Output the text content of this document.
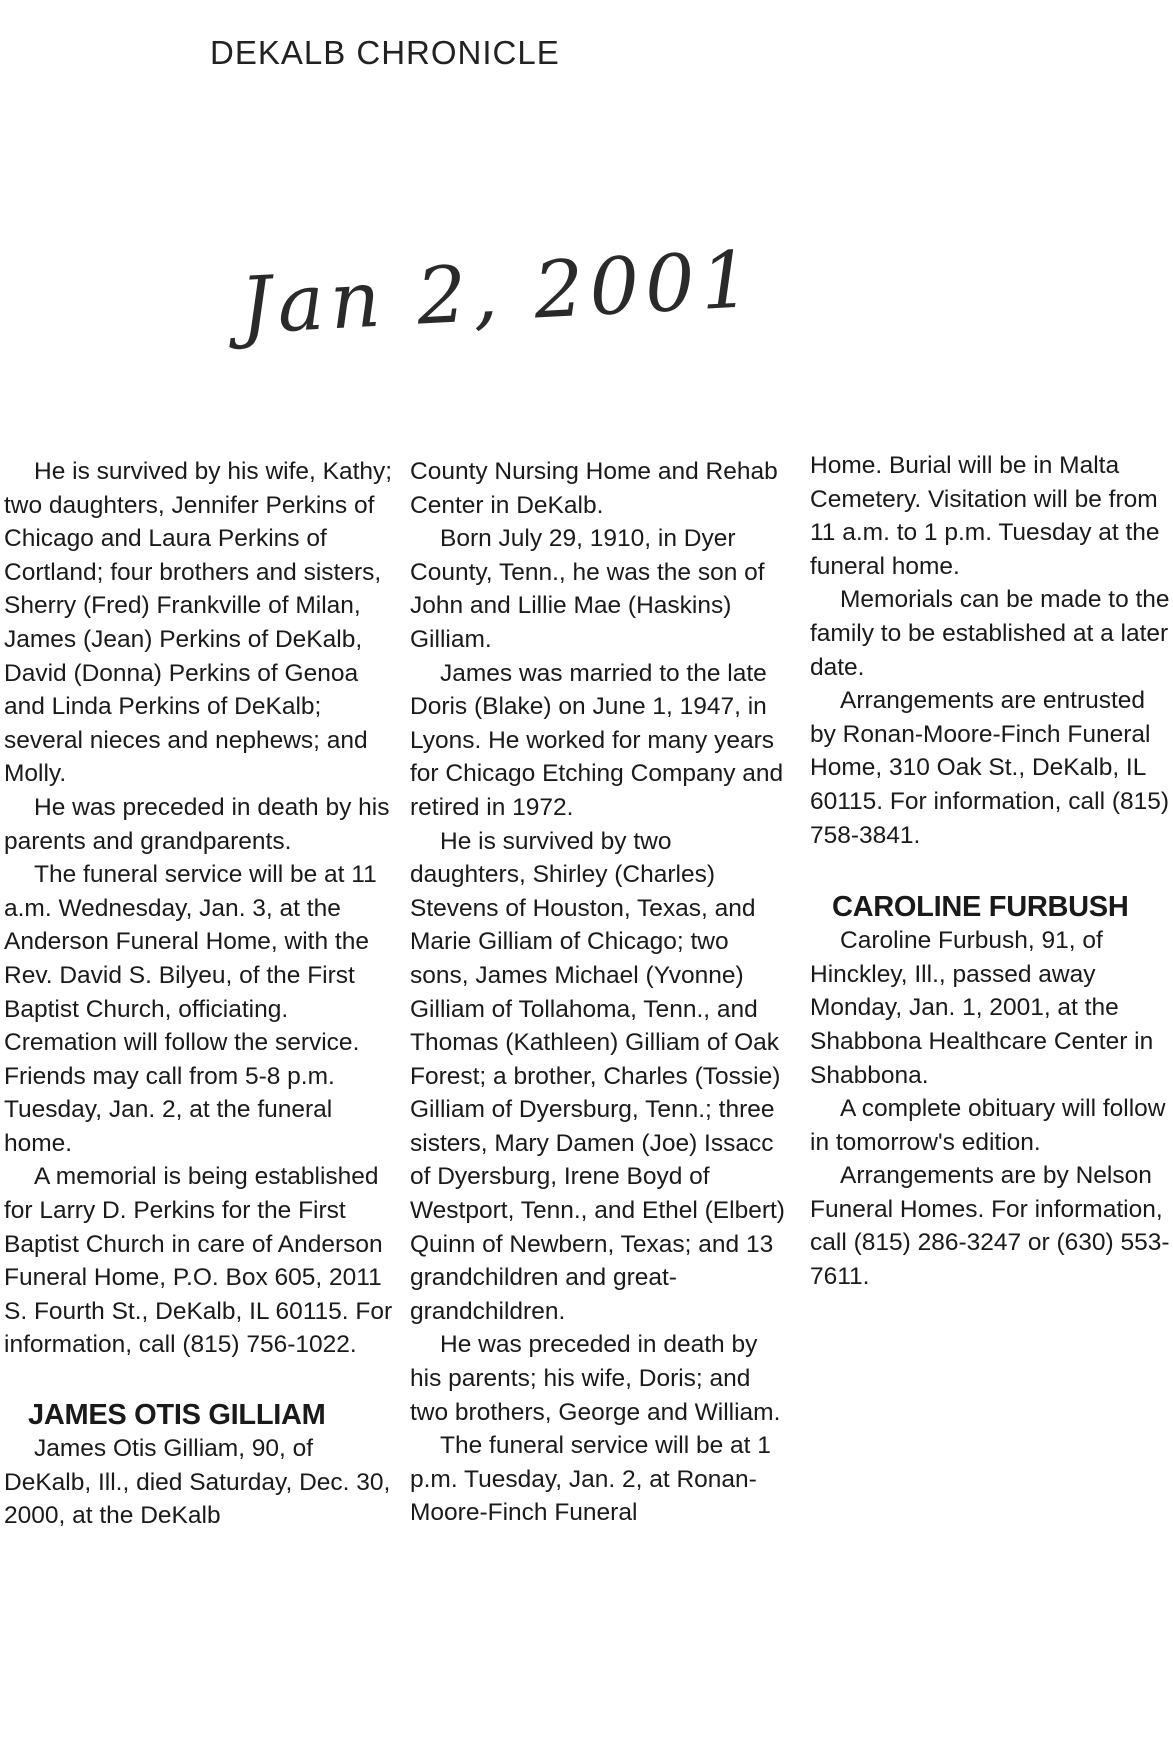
DEKALB CHRONICLE
Jan 2, 2001

He is survived by his wife, Kathy; two daughters, Jennifer Perkins of Chicago and Laura Perkins of Cortland; four brothers and sisters, Sherry (Fred) Frankville of Milan, James (Jean) Perkins of DeKalb, David (Donna) Perkins of Genoa and Linda Perkins of DeKalb; several nieces and nephews; and Molly.

He was preceded in death by his parents and grandparents.

The funeral service will be at 11 a.m. Wednesday, Jan. 3, at the Anderson Funeral Home, with the Rev. David S. Bilyeu, of the First Baptist Church, officiating. Cremation will follow the service. Friends may call from 5-8 p.m. Tuesday, Jan. 2, at the funeral home.

A memorial is being established for Larry D. Perkins for the First Baptist Church in care of Anderson Funeral Home, P.O. Box 605, 2011 S. Fourth St., DeKalb, IL 60115. For information, call (815) 756-1022.

JAMES OTIS GILLIAM

James Otis Gilliam, 90, of DeKalb, Ill., died Saturday, Dec. 30, 2000, at the DeKalb

County Nursing Home and Rehab Center in DeKalb.

Born July 29, 1910, in Dyer County, Tenn., he was the son of John and Lillie Mae (Haskins) Gilliam.

James was married to the late Doris (Blake) on June 1, 1947, in Lyons. He worked for many years for Chicago Etching Company and retired in 1972.

He is survived by two daughters, Shirley (Charles) Stevens of Houston, Texas, and Marie Gilliam of Chicago; two sons, James Michael (Yvonne) Gilliam of Tollahoma, Tenn., and Thomas (Kathleen) Gilliam of Oak Forest; a brother, Charles (Tossie) Gilliam of Dyersburg, Tenn.; three sisters, Mary Damen (Joe) Issacc of Dyersburg, Irene Boyd of Westport, Tenn., and Ethel (Elbert) Quinn of Newbern, Texas; and 13 grandchildren and great-grandchildren.

He was preceded in death by his parents; his wife, Doris; and two brothers, George and William.

The funeral service will be at 1 p.m. Tuesday, Jan. 2, at Ronan-Moore-Finch Funeral

Home. Burial will be in Malta Cemetery. Visitation will be from 11 a.m. to 1 p.m. Tuesday at the funeral home.

Memorials can be made to the family to be established at a later date.

Arrangements are entrusted by Ronan-Moore-Finch Funeral Home, 310 Oak St., DeKalb, IL 60115. For information, call (815) 758-3841.

CAROLINE FURBUSH

Caroline Furbush, 91, of Hinckley, Ill., passed away Monday, Jan. 1, 2001, at the Shabbona Healthcare Center in Shabbona.

A complete obituary will follow in tomorrow's edition.

Arrangements are by Nelson Funeral Homes. For information, call (815) 286-3247 or (630) 553-7611.
